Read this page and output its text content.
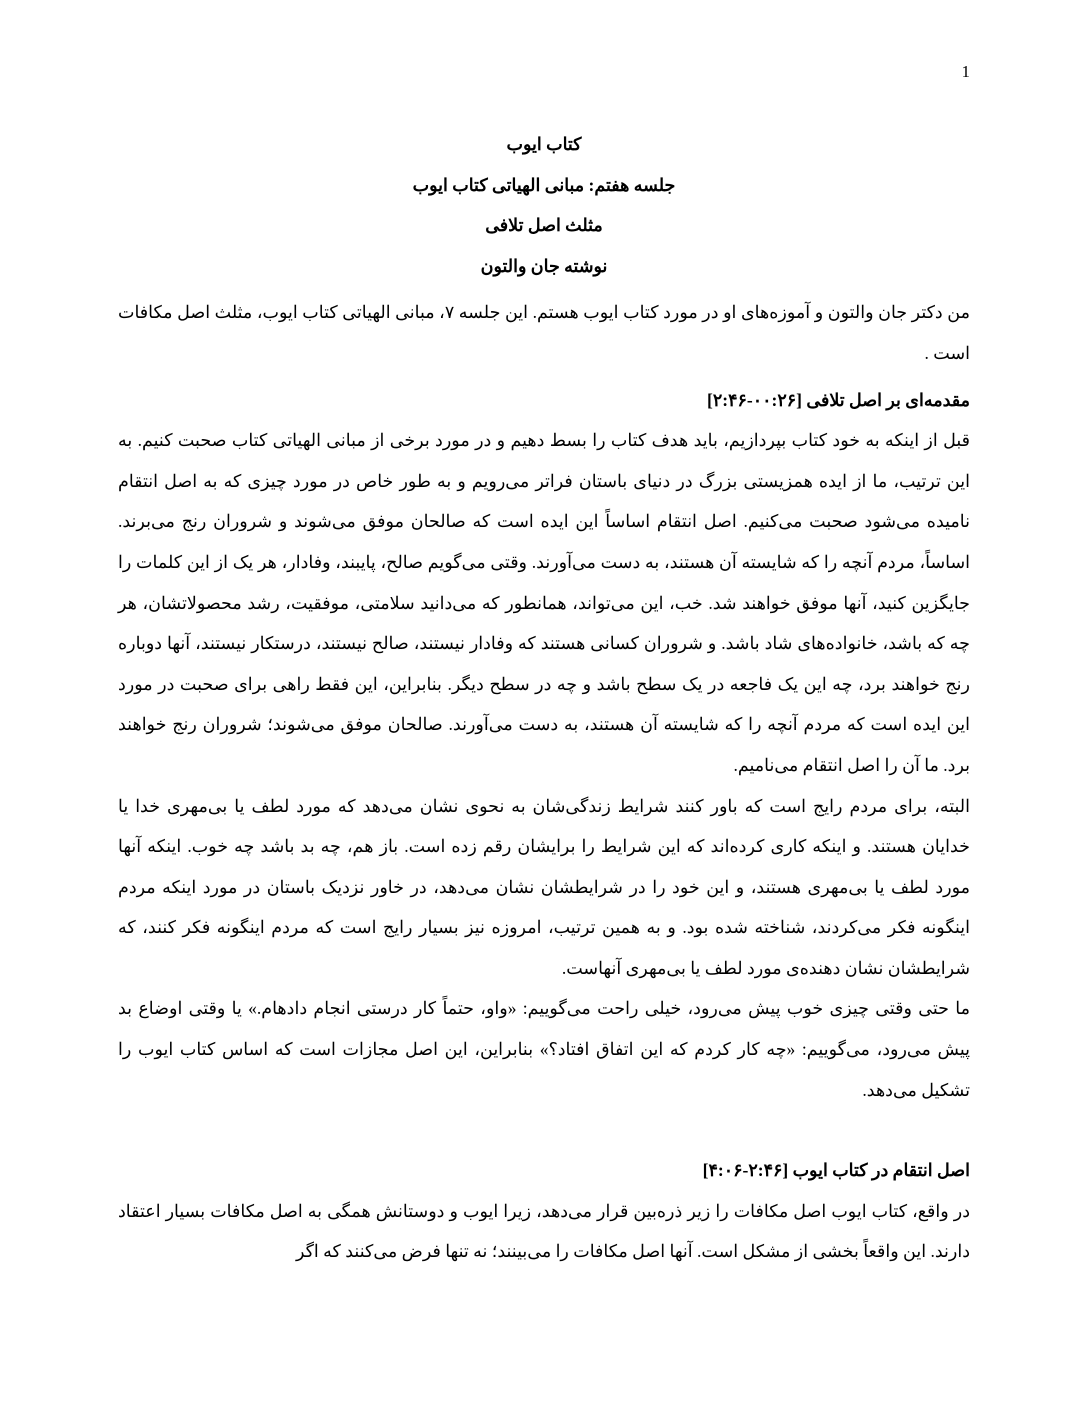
1
کتاب ایوب
جلسه هفتم: مبانی الهیاتی کتاب ایوب
مثلث اصل تلافی
نوشته جان والتون

من دکتر جان والتون و آموزه‌های او در مورد کتاب ایوب هستم. این جلسه ۷، مبانی الهیاتی کتاب ایوب، مثلث اصل مکافات است .

مقدمه‌ای بر اصل تلافی [۰۰:۲۶-۲:۴۶]

قبل از اینکه به خود کتاب بپردازیم، باید هدف کتاب را بسط دهیم و در مورد برخی از مبانی الهیاتی کتاب صحبت کنیم. به این ترتیب، ما از ایده همزیستی بزرگ در دنیای باستان فراتر می‌رویم و به طور خاص در مورد چیزی که به اصل انتقام نامیده می‌شود صحبت می‌کنیم. اصل انتقام اساساً این ایده است که صالحان موفق می‌شوند و شروران رنج می‌برند. اساساً، مردم آنچه را که شایسته آن هستند، به دست می‌آورند. وقتی می‌گویم صالح، پایبند، وفادار، هر یک از این کلمات را جایگزین کنید، آنها موفق خواهند شد. خب، این می‌تواند، همانطور که می‌دانید سلامتی، موفقیت، رشد محصولاتشان، هر چه که باشد، خانواده‌های شاد باشد. و شروران کسانی هستند که وفادار نیستند، صالح نیستند، درستکار نیستند، آنها دوباره رنج خواهند برد، چه این یک فاجعه در یک سطح باشد و چه در سطح دیگر. بنابراین، این فقط راهی برای صحبت در مورد این ایده است که مردم آنچه را که شایسته آن هستند، به دست می‌آورند. صالحان موفق می‌شوند؛ شروران رنج خواهند برد. ما آن را اصل انتقام می‌نامیم.

البته، برای مردم رایج است که باور کنند شرایط زندگی‌شان به نحوی نشان می‌دهد که مورد لطف یا بی‌مهری خدا یا خدایان هستند. و اینکه کاری کرده‌اند که این شرایط را برایشان رقم زده است. باز هم، چه بد باشد چه خوب. اینکه آنها مورد لطف یا بی‌مهری هستند، و این خود را در شرایطشان نشان می‌دهد، در خاور نزدیک باستان در مورد اینکه مردم اینگونه فکر می‌کردند، شناخته شده بود. و به همین ترتیب، امروزه نیز بسیار رایج است که مردم اینگونه فکر کنند، که شرایطشان نشان دهنده‌ی مورد لطف یا بی‌مهری آنهاست.

ما حتی وقتی چیزی خوب پیش می‌رود، خیلی راحت می‌گوییم: «واو، حتماً کار درستی انجام دادهام.» یا وقتی اوضاع بد پیش می‌رود، می‌گوییم: «چه کار کردم که این اتفاق افتاد؟» بنابراین، این اصل مجازات است که اساس کتاب ایوب را تشکیل می‌دهد.

اصل انتقام در کتاب ایوب [۲:۴۶-۴:۰۶]

در واقع، کتاب ایوب اصل مکافات را زیر ذره‌بین قرار می‌دهد، زیرا ایوب و دوستانش همگی به اصل مکافات بسیار اعتقاد دارند. این واقعاً بخشی از مشکل است. آنها اصل مکافات را می‌بینند؛ نه تنها فرض می‌کنند که اگر
